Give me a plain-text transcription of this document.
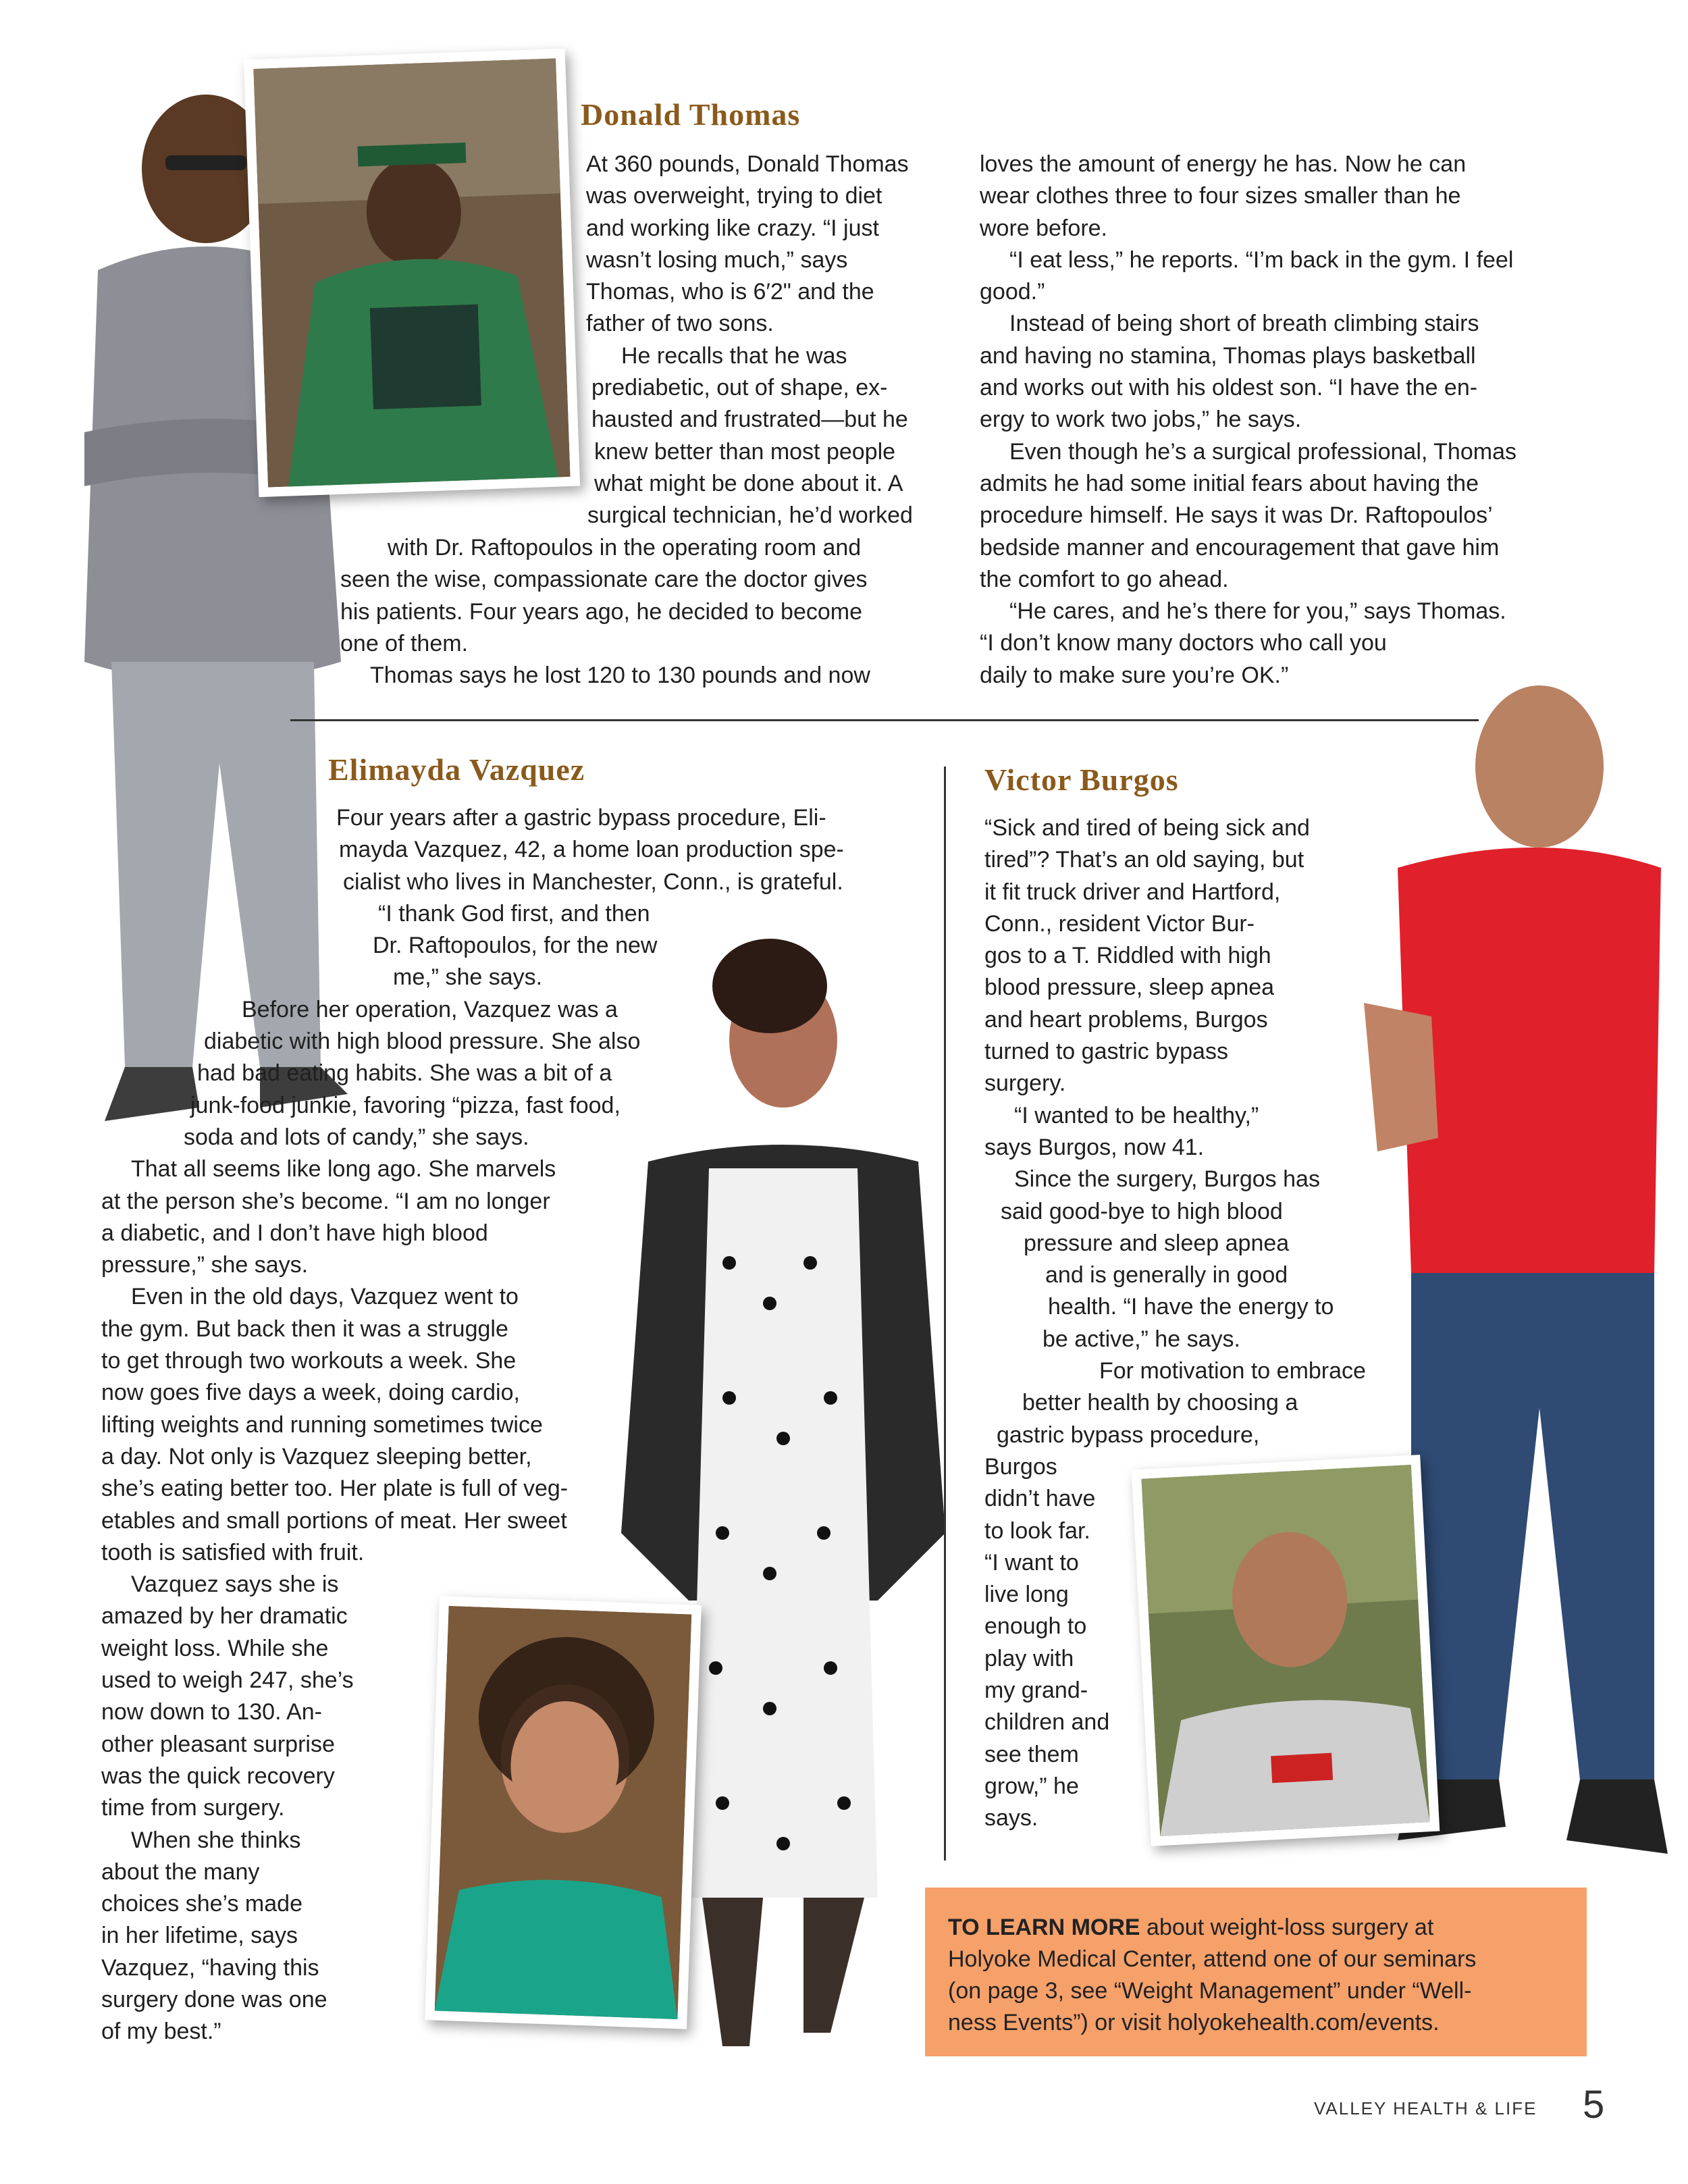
Donald Thomas
At 360 pounds, Donald Thomas
was overweight, trying to diet
and working like crazy. “I just
wasn’t losing much,” says
Thomas, who is 6′2" and the
father of two sons.
He recalls that he was
prediabetic, out of shape, ex-
hausted and frustrated—but he
knew better than most people
what might be done about it. A
surgical technician, he’d worked
with Dr. Raftopoulos in the operating room and
seen the wise, compassionate care the doctor gives
his patients. Four years ago, he decided to become
one of them.
Thomas says he lost 120 to 130 pounds and now
loves the amount of energy he has. Now he can
wear clothes three to four sizes smaller than he
wore before.
“I eat less,” he reports. “I’m back in the gym. I feel
good.”
Instead of being short of breath climbing stairs
and having no stamina, Thomas plays basketball
and works out with his oldest son. “I have the en-
ergy to work two jobs,” he says.
Even though he’s a surgical professional, Thomas
admits he had some initial fears about having the
procedure himself. He says it was Dr. Raftopoulos’
bedside manner and encouragement that gave him
the comfort to go ahead.
“He cares, and he’s there for you,” says Thomas.
“I don’t know many doctors who call you
daily to make sure you’re OK.”
Elimayda Vazquez
Four years after a gastric bypass procedure, Eli-
mayda Vazquez, 42, a home loan production spe-
cialist who lives in Manchester, Conn., is grateful.
“I thank God first, and then
Dr. Raftopoulos, for the new
me,” she says.
Before her operation, Vazquez was a
diabetic with high blood pressure. She also
had bad eating habits. She was a bit of a
junk-food junkie, favoring “pizza, fast food,
soda and lots of candy,” she says.
That all seems like long ago. She marvels
at the person she’s become. “I am no longer
a diabetic, and I don’t have high blood
pressure,” she says.
Even in the old days, Vazquez went to
the gym. But back then it was a struggle
to get through two workouts a week. She
now goes five days a week, doing cardio,
lifting weights and running sometimes twice
a day. Not only is Vazquez sleeping better,
she’s eating better too. Her plate is full of veg-
etables and small portions of meat. Her sweet
tooth is satisfied with fruit.
Vazquez says she is
amazed by her dramatic
weight loss. While she
used to weigh 247, she’s
now down to 130. An-
other pleasant surprise
was the quick recovery
time from surgery.
When she thinks
about the many
choices she’s made
in her lifetime, says
Vazquez, “having this
surgery done was one
of my best.”
Victor Burgos
“Sick and tired of being sick and
tired”? That’s an old saying, but
it fit truck driver and Hartford,
Conn., resident Victor Bur-
gos to a T. Riddled with high
blood pressure, sleep apnea
and heart problems, Burgos
turned to gastric bypass
surgery.
“I wanted to be healthy,”
says Burgos, now 41.
Since the surgery, Burgos has
said good-bye to high blood
pressure and sleep apnea
and is generally in good
health. “I have the energy to
be active,” he says.
For motivation to embrace
better health by choosing a
gastric bypass procedure,
Burgos
didn’t have
to look far.
“I want to
live long
enough to
play with
my grand-
children and
see them
grow,” he
says.
TO LEARN MORE about weight-loss surgery at
Holyoke Medical Center, attend one of our seminars
(on page 3, see “Weight Management” under “Well-
ness Events”) or visit holyokehealth.com/events.
VALLEY HEALTH & LIFE 5
